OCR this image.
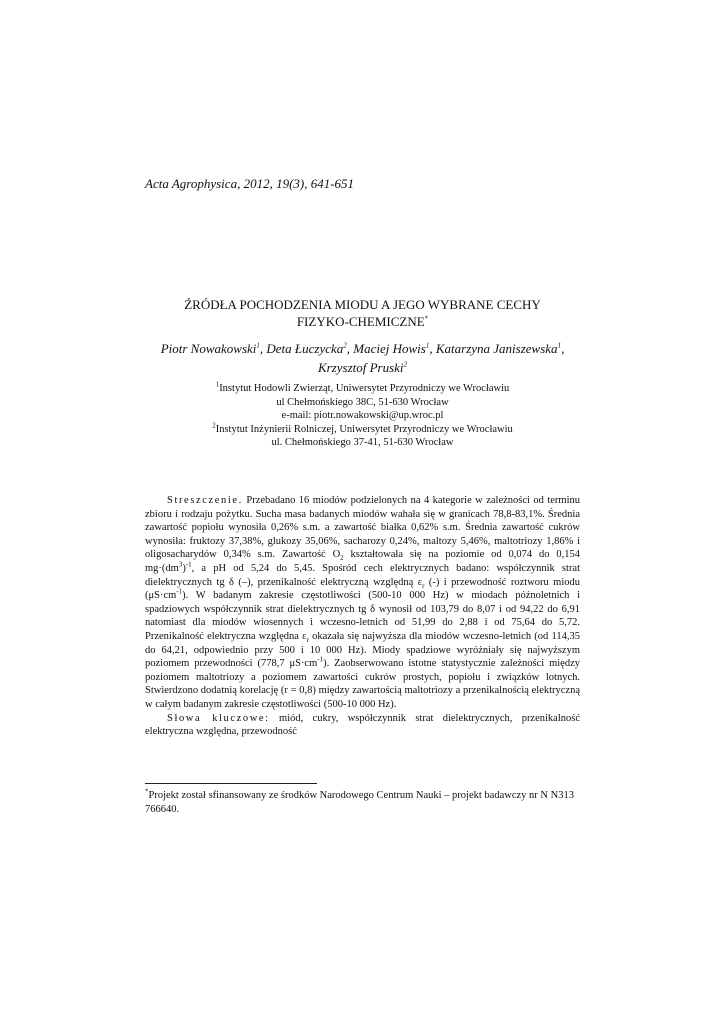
Acta Agrophysica, 2012, 19(3), 641-651
ŹRÓDŁA POCHODZENIA MIODU A JEGO WYBRANE CECHY
FIZYKO-CHEMICZNE*
Piotr Nowakowski$^1$, Deta Łuczycka$^2$, Maciej Howis$^1$, Katarzyna Janiszewska$^1$,
Krzysztof Pruski$^2$
$^1$Instytut Hodowli Zwierząt, Uniwersytet Przyrodniczy we Wrocławiu
ul Chełmońskiego 38C, 51-630 Wrocław
e-mail: piotr.nowakowski@up.wroc.pl
$^2$Instytut Inżynierii Rolniczej, Uniwersytet Przyrodniczy we Wrocławiu
ul. Chełmońskiego 37-41, 51-630 Wrocław

Streszczenie. Przebadano 16 miodów podzielonych na 4 kategorie w zależności od terminu zbioru i rodzaju pożytku. Sucha masa badanych miodów wahała się w granicach 78,8-83,1%. Średnia zawartość popiołu wynosiła 0,26% s.m. a zawartość białka 0,62% s.m. Średnia zawartość cukrów wynosiła: fruktozy 37,38%, glukozy 35,06%, sacharozy 0,24%, maltozy 5,46%, maltotriozy 1,86% i oligosacharydów 0,34% s.m. Zawartość $O_2$ kształtowała się na poziomie od 0,074 do 0,154 $mg\cdot(dm^3)^{-1}$, a pH od 5,24 do 5,45. Spośród cech elektrycznych badano: współczynnik strat dielektrycznych tg δ (–), przenikalność elektryczną względną $\varepsilon_r$ (-) i przewodność roztworu miodu $(\mu S\cdot cm^{-1})$. W badanym zakresie częstotliwości (500-10 000 Hz) w miodach późnoletnich i spadziowych współczynnik strat dielektrycznych tg δ wynosił od 103,79 do 8,07 i od 94,22 do 6,91 natomiast dla miodów wiosennych i wczesno-letnich od 51,99 do 2,88 i od 75,64 do 5,72. Przenikalność elektryczna względna $\varepsilon_r$ okazała się najwyższa dla miodów wczesno-letnich (od 114,35 do 64,21, odpowiednio przy 500 i 10 000 Hz). Miody spadziowe wyróżniały się najwyższym poziomem przewodności (778,7 $\mu S\cdot cm^{-1}$). Zaobserwowano istotne statystycznie zależności między poziomem maltotriozy a poziomem zawartości cukrów prostych, popiołu i związków lotnych. Stwierdzono dodatnią korelację (r = 0,8) między zawartością maltotriozy a przenikalnością elektryczną w całym badanym zakresie częstotliwości (500-10 000 Hz).

Słowa kluczowe: miód, cukry, współczynnik strat dielektrycznych, przenikalność elektryczna względna, przewodność

*Projekt został sfinansowany ze środków Narodowego Centrum Nauki – projekt badawczy nr N N313 766640.
